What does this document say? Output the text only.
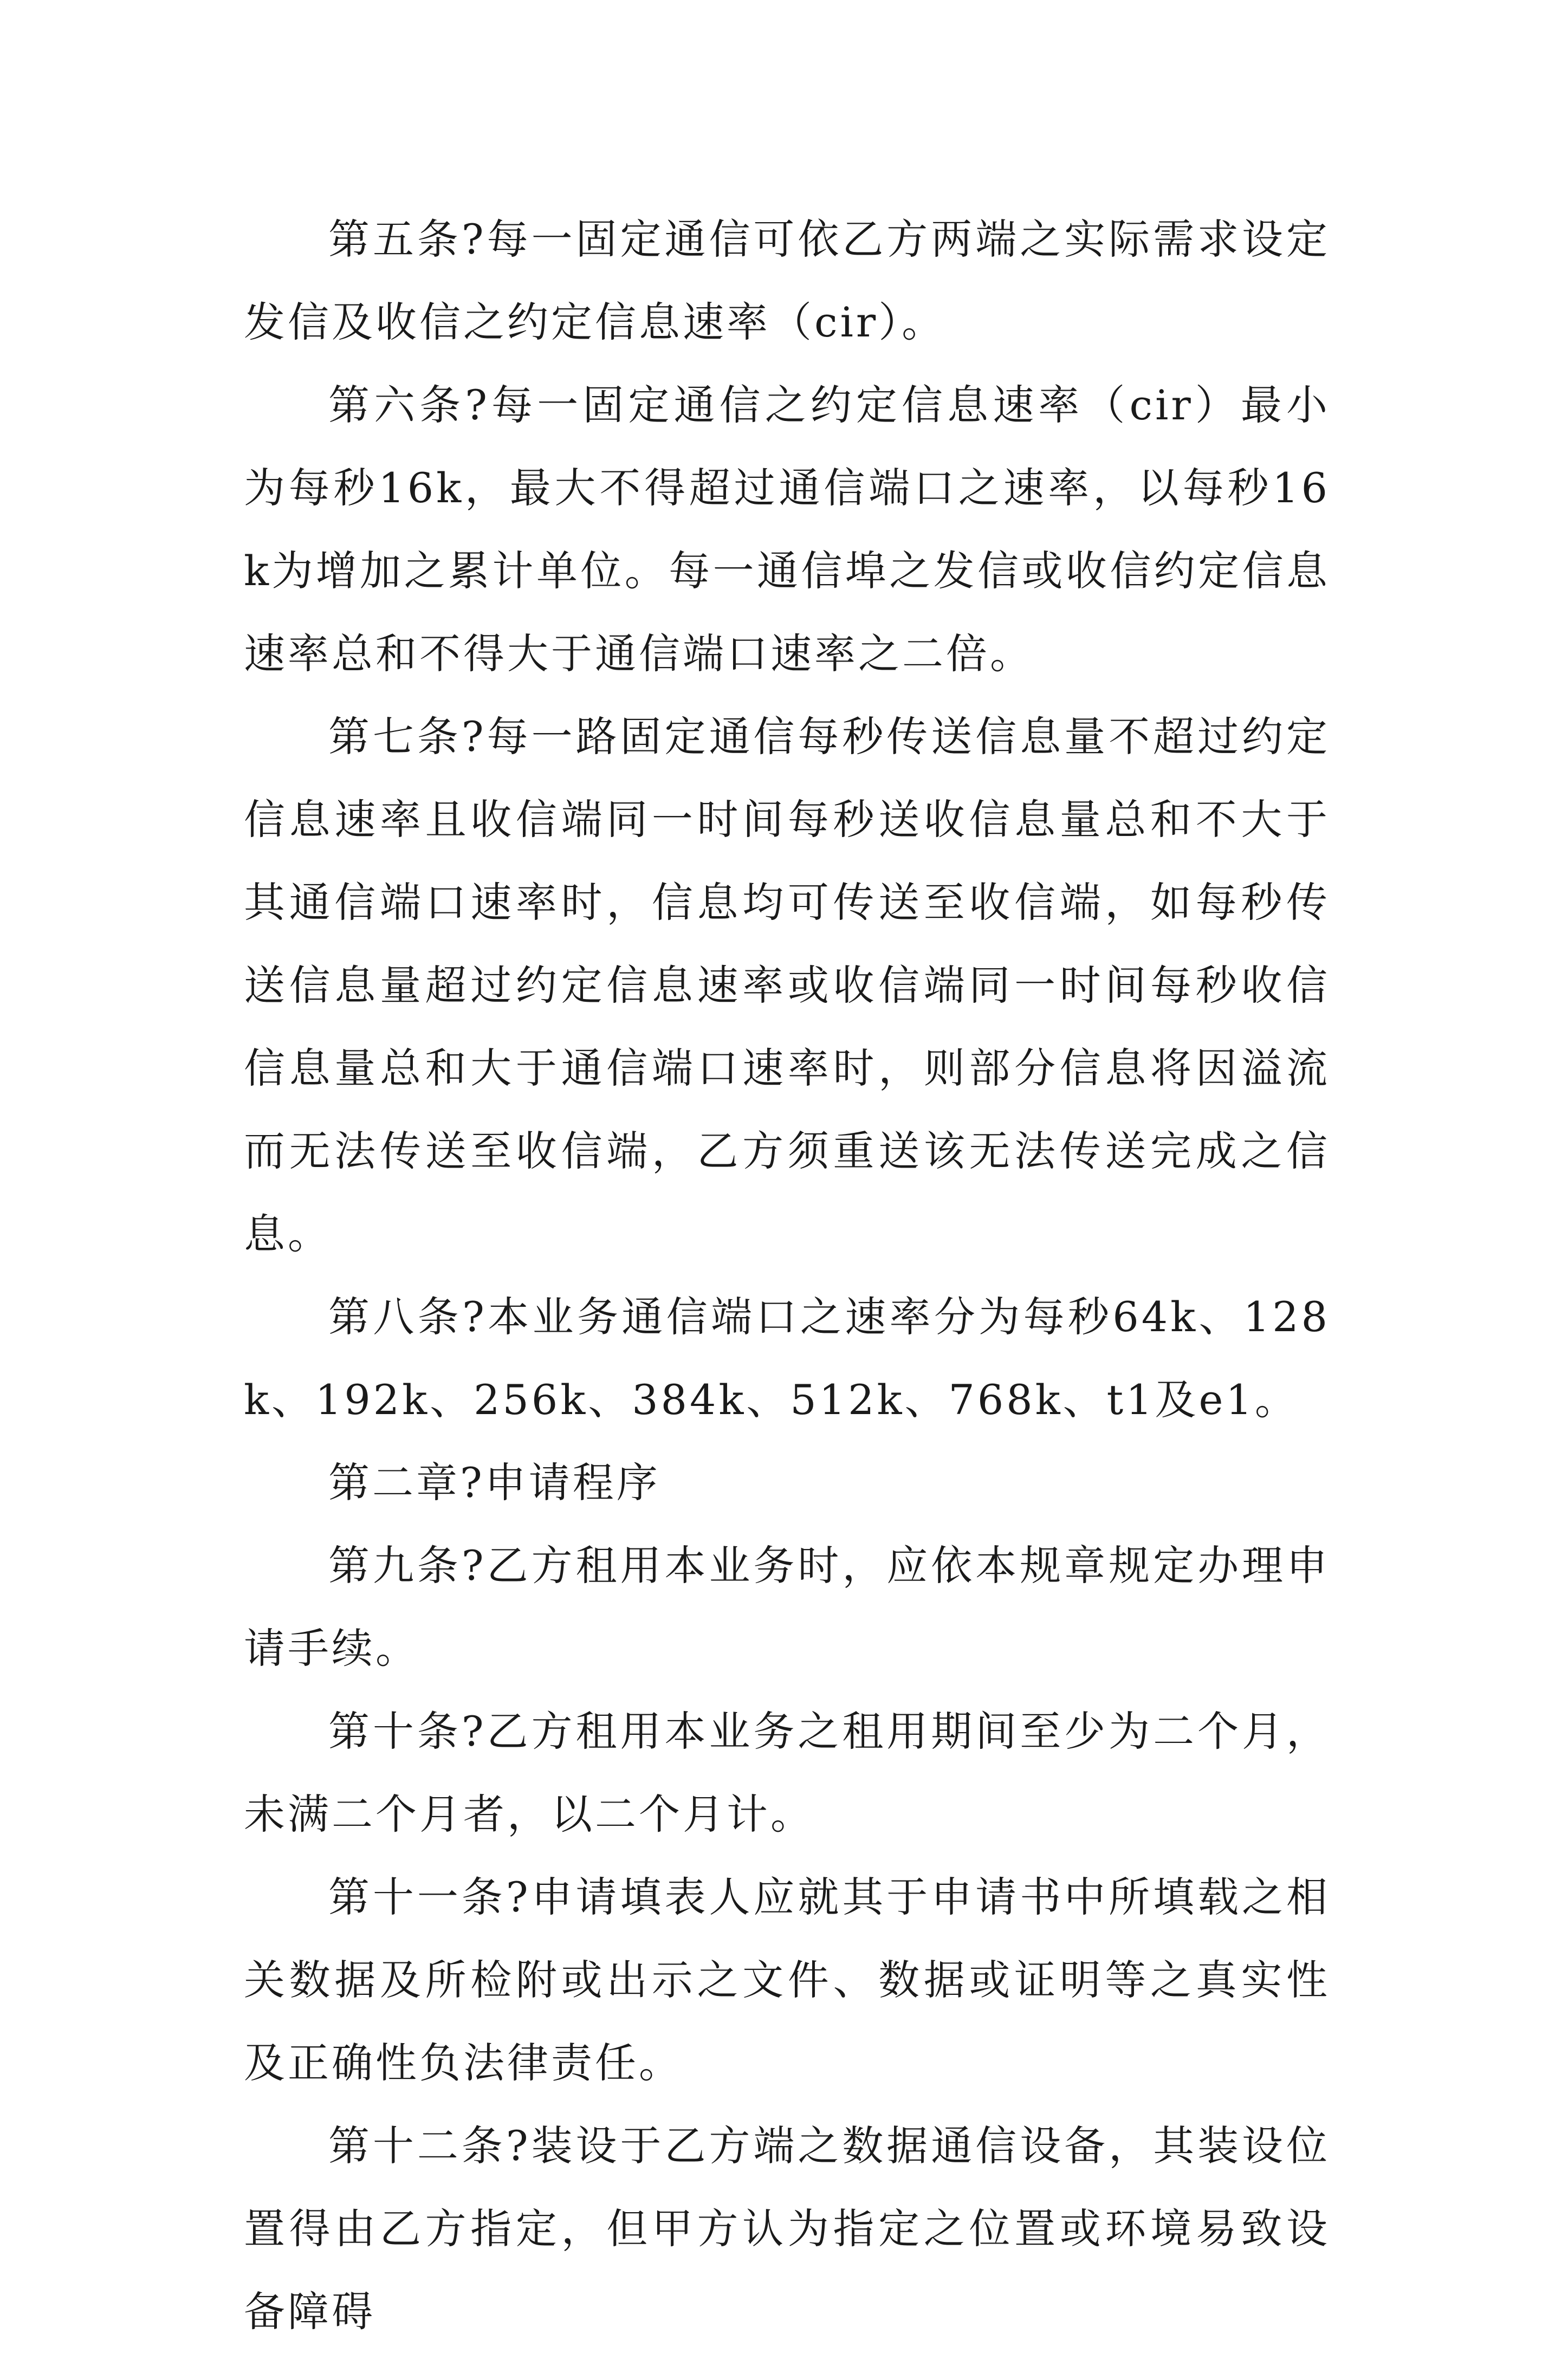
第五条?每一固定通信可依乙方两端之实际需求设定发信及收信之约定信息速率（cir）。

第六条?每一固定通信之约定信息速率（cir）最小为每秒16k，最大不得超过通信端口之速率，以每秒16k为增加之累计单位。每一通信埠之发信或收信约定信息速率总和不得大于通信端口速率之二倍。

第七条?每一路固定通信每秒传送信息量不超过约定信息速率且收信端同一时间每秒送收信息量总和不大于其通信端口速率时，信息均可传送至收信端，如每秒传送信息量超过约定信息速率或收信端同一时间每秒收信信息量总和大于通信端口速率时，则部分信息将因溢流而无法传送至收信端，乙方须重送该无法传送完成之信息。

第八条?本业务通信端口之速率分为每秒64k、128k、192k、256k、384k、512k、768k、t1及e1。

第二章?申请程序

第九条?乙方租用本业务时，应依本规章规定办理申请手续。

第十条?乙方租用本业务之租用期间至少为二个月，未满二个月者，以二个月计。

第十一条?申请填表人应就其于申请书中所填载之相关数据及所检附或出示之文件、数据或证明等之真实性及正确性负法律责任。

第十二条?装设于乙方端之数据通信设备，其装设位置得由乙方指定，但甲方认为指定之位置或环境易致设备障碍
